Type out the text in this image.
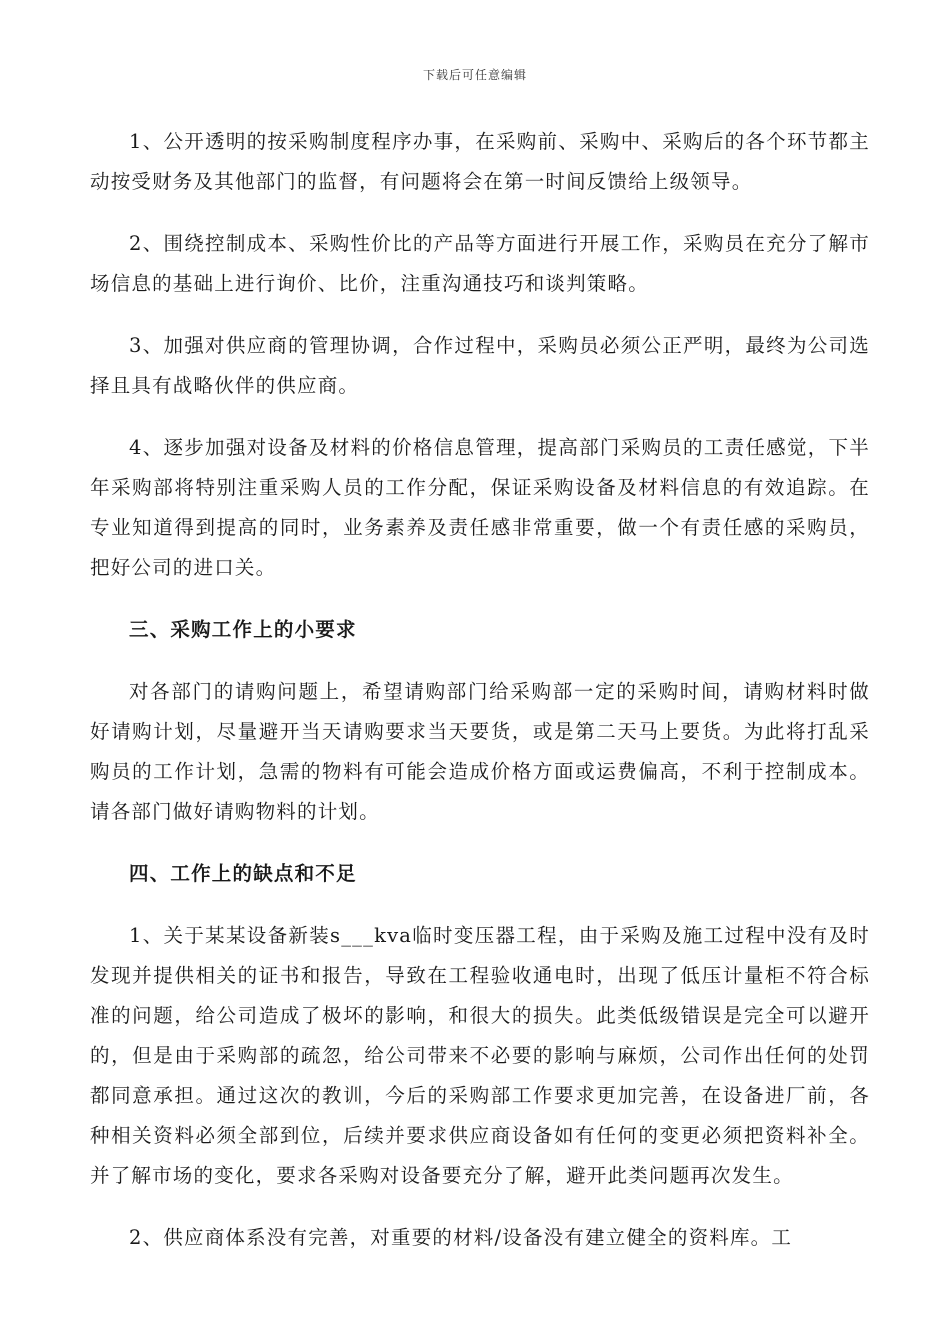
下载后可任意编辑

1、公开透明的按采购制度程序办事，在采购前、采购中、采购后的各个环节都主动按受财务及其他部门的监督，有问题将会在第一时间反馈给上级领导。

2、围绕控制成本、采购性价比的产品等方面进行开展工作，采购员在充分了解市场信息的基础上进行询价、比价，注重沟通技巧和谈判策略。

3、加强对供应商的管理协调，合作过程中，采购员必须公正严明，最终为公司选择且具有战略伙伴的供应商。

4、逐步加强对设备及材料的价格信息管理，提高部门采购员的工责任感觉，下半年采购部将特别注重采购人员的工作分配，保证采购设备及材料信息的有效追踪。在专业知道得到提高的同时，业务素养及责任感非常重要，做一个有责任感的采购员，把好公司的进口关。

三、采购工作上的小要求

对各部门的请购问题上，希望请购部门给采购部一定的采购时间，请购材料时做好请购计划，尽量避开当天请购要求当天要货，或是第二天马上要货。为此将打乱采购员的工作计划，急需的物料有可能会造成价格方面或运费偏高，不利于控制成本。请各部门做好请购物料的计划。

四、工作上的缺点和不足

1、关于某某设备新装s___kva临时变压器工程，由于采购及施工过程中没有及时发现并提供相关的证书和报告，导致在工程验收通电时，出现了低压计量柜不符合标准的问题，给公司造成了极坏的影响，和很大的损失。此类低级错误是完全可以避开的，但是由于采购部的疏忽，给公司带来不必要的影响与麻烦，公司作出任何的处罚都同意承担。通过这次的教训，今后的采购部工作要求更加完善，在设备进厂前，各种相关资料必须全部到位，后续并要求供应商设备如有任何的变更必须把资料补全。并了解市场的变化，要求各采购对设备要充分了解，避开此类问题再次发生。

2、供应商体系没有完善，对重要的材料/设备没有建立健全的资料库。工
